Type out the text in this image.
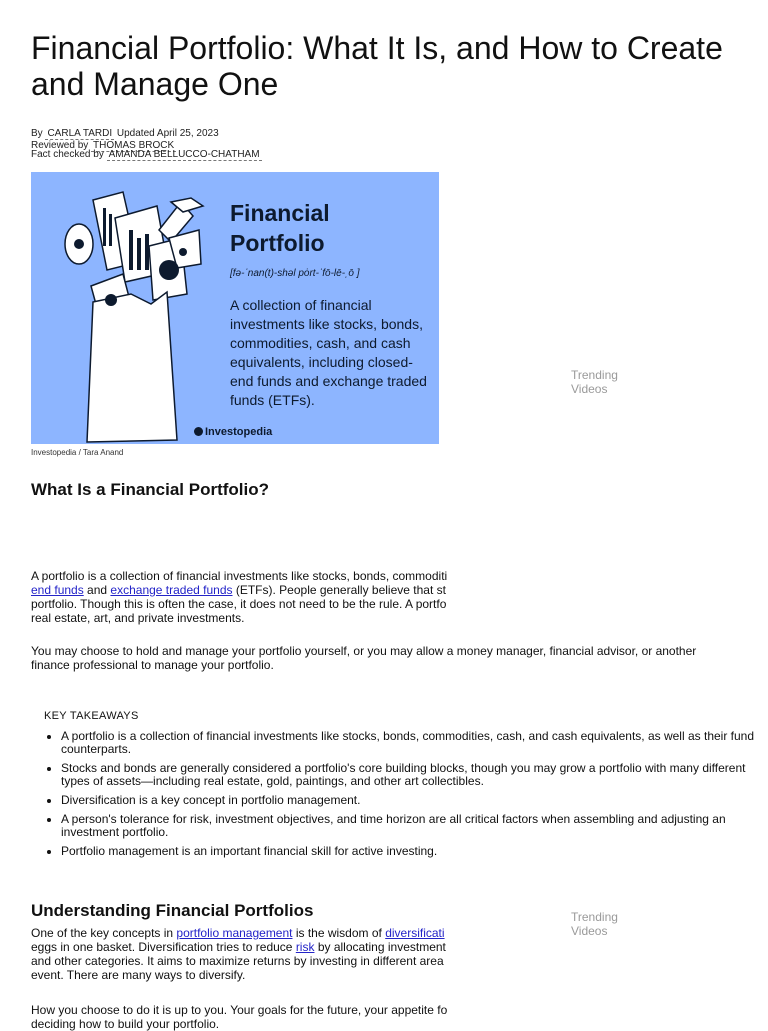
Financial Portfolio: What It Is, and How to Create and Manage One
By CARLA TARDI Updated April 25, 2023
Reviewed by THOMAS BROCK
Fact checked by AMANDA BELLUCCO-CHATHAM
Financial
Portfolio
[fə-ˈnan(t)-shəl pȯrt-ˈfō-lē-ˌō ]
A collection of financial investments like stocks, bonds, commodities, cash, and cash equivalents, including closed-end funds and exchange traded funds (ETFs).
Investopedia
Investopedia / Tara Anand
What Is a Financial Portfolio?

A portfolio is a collection of financial investments like stocks, bonds, commoditi

end funds and exchange traded funds (ETFs). People generally believe that st

portfolio. Though this is often the case, it does not need to be the rule. A portfo

real estate, art, and private investments.

You may choose to hold and manage your portfolio yourself, or you may allow a money manager, financial advisor, or another finance professional to manage your portfolio.

KEY TAKEAWAYS
• A portfolio is a collection of financial investments like stocks, bonds, commodities, cash, and cash equivalents, as well as their fund counterparts.
• Stocks and bonds are generally considered a portfolio's core building blocks, though you may grow a portfolio with many different types of assets—including real estate, gold, paintings, and other art collectibles.
• Diversification is a key concept in portfolio management.
• A person's tolerance for risk, investment objectives, and time horizon are all critical factors when assembling and adjusting an investment portfolio.
• Portfolio management is an important financial skill for active investing.
Understanding Financial Portfolios

One of the key concepts in portfolio management is the wisdom of diversificati

eggs in one basket. Diversification tries to reduce risk by allocating investment

and other categories. It aims to maximize returns by investing in different area

event. There are many ways to diversify.

How you choose to do it is up to you. Your goals for the future, your appetite fo

deciding how to build your portfolio.

Trending Videos
Trending Videos
